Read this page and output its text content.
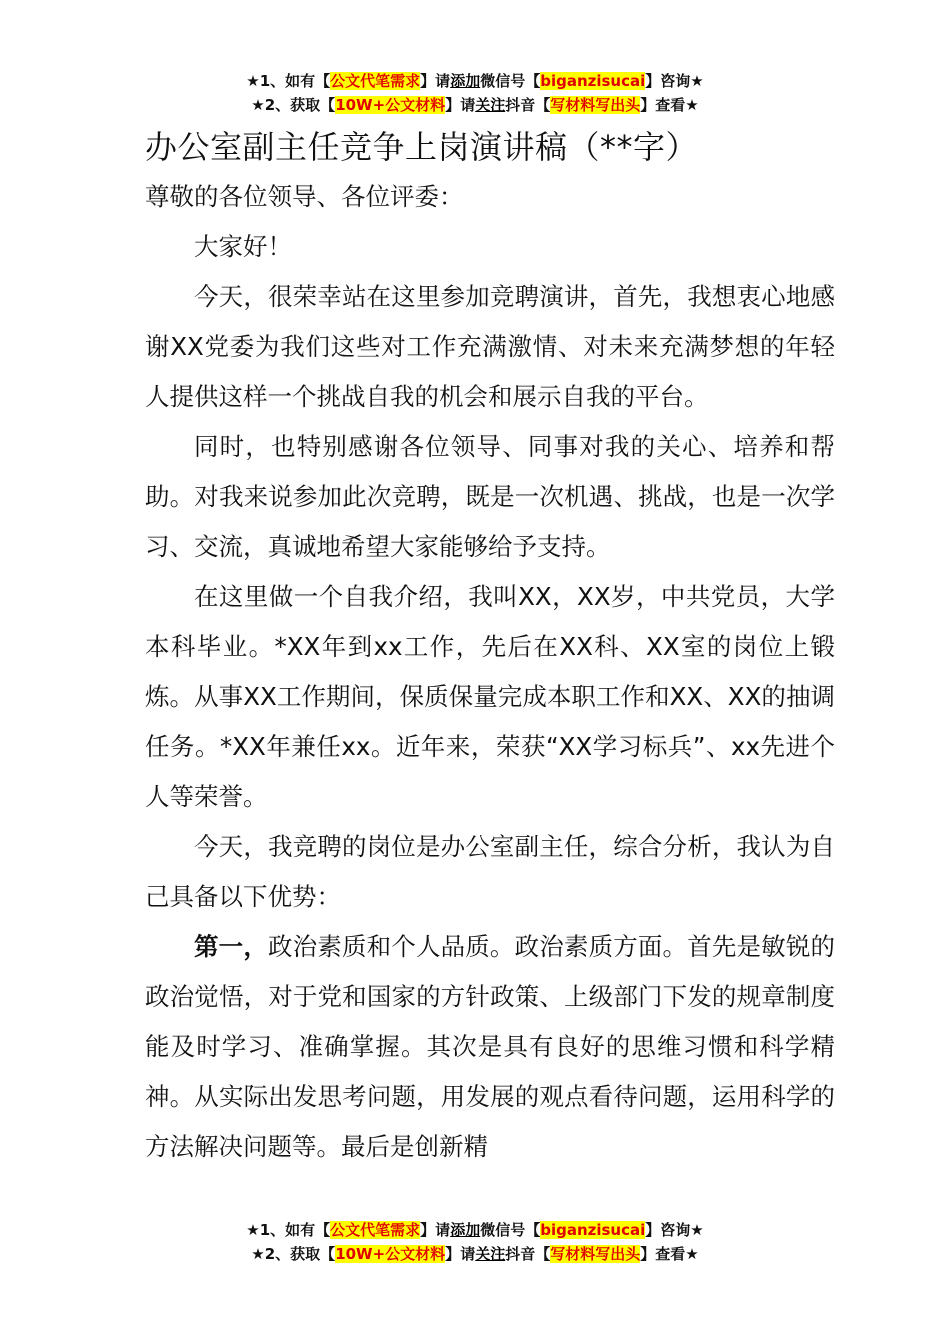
★1、如有【公文代笔需求】请添加微信号【biganzisucai】咨询★
★2、获取【10W+公文材料】请关注抖音【写材料写出头】查看★
办公室副主任竞争上岗演讲稿（**字）

尊敬的各位领导、各位评委：

大家好！

今天，很荣幸站在这里参加竞聘演讲，首先，我想衷心地感谢XX党委为我们这些对工作充满激情、对未来充满梦想的年轻人提供这样一个挑战自我的机会和展示自我的平台。

同时，也特别感谢各位领导、同事对我的关心、培养和帮助。对我来说参加此次竞聘，既是一次机遇、挑战，也是一次学习、交流，真诚地希望大家能够给予支持。

在这里做一个自我介绍，我叫XX，XX岁，中共党员，大学本科毕业。*XX年到xx工作，先后在XX科、XX室的岗位上锻炼。从事XX工作期间，保质保量完成本职工作和XX、XX的抽调任务。*XX年兼任xx。近年来，荣获“XX学习标兵”、xx先进个人等荣誉。

今天，我竞聘的岗位是办公室副主任，综合分析，我认为自己具备以下优势：

第一，政治素质和个人品质。政治素质方面。首先是敏锐的政治觉悟，对于党和国家的方针政策、上级部门下发的规章制度能及时学习、准确掌握。其次是具有良好的思维习惯和科学精神。从实际出发思考问题，用发展的观点看待问题，运用科学的方法解决问题等。最后是创新精

★1、如有【公文代笔需求】请添加微信号【biganzisucai】咨询★
★2、获取【10W+公文材料】请关注抖音【写材料写出头】查看★
